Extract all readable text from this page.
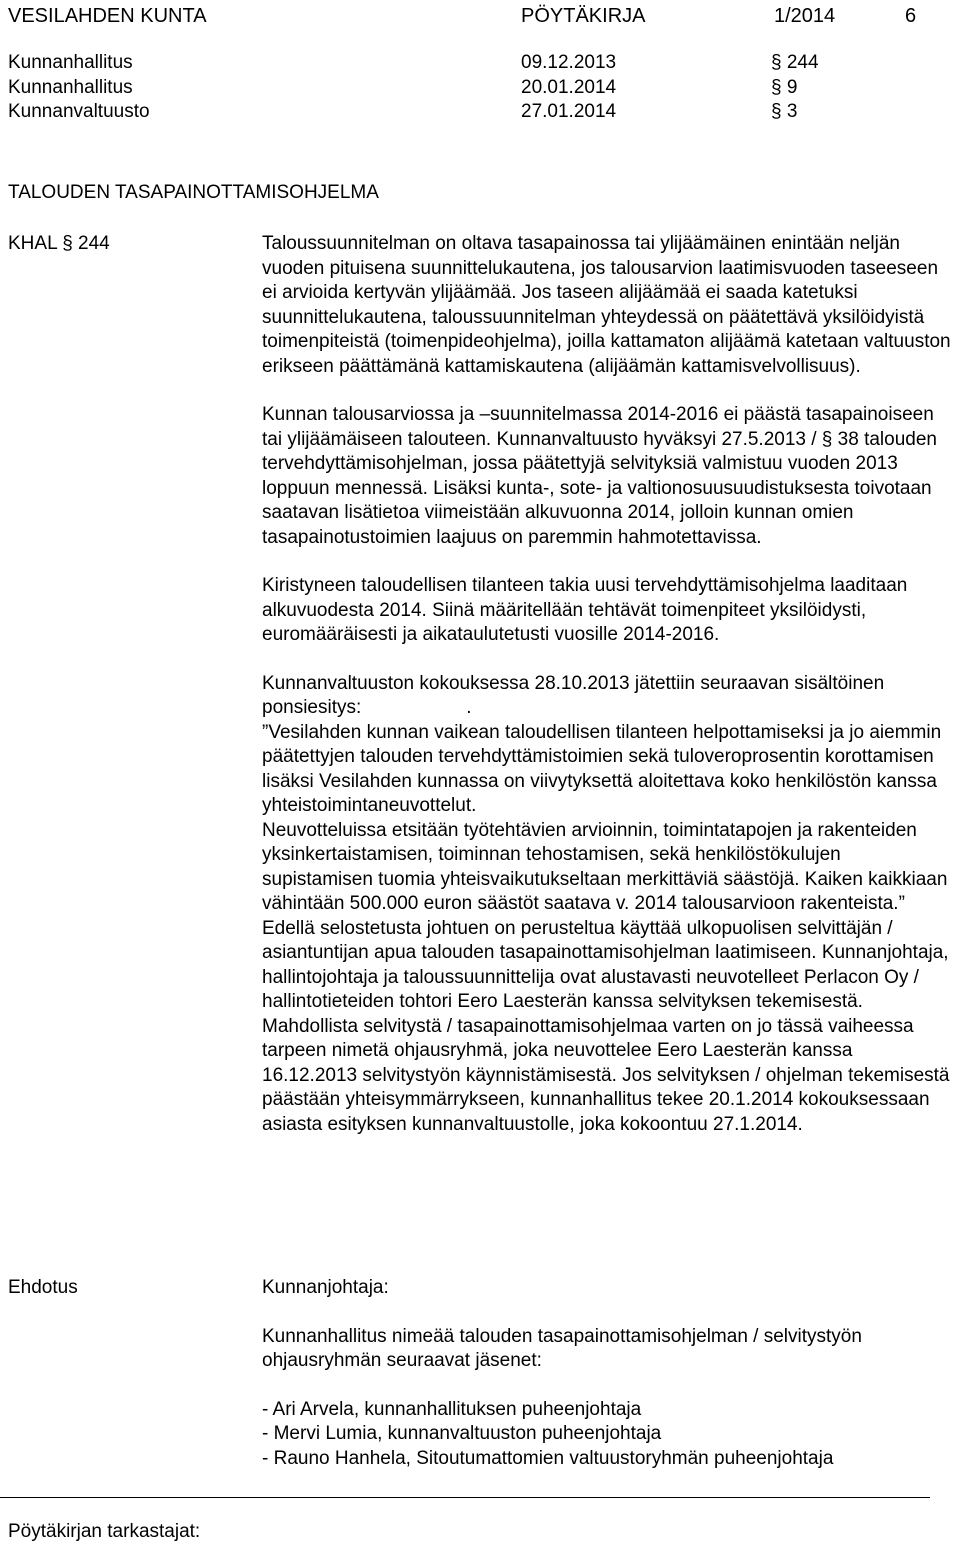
VESILAHDEN KUNTA	PÖYTÄKIRJA	1/2014	6
Kunnanhallitus	09.12.2013	§ 244
Kunnanhallitus	20.01.2014	§ 9
Kunnanvaltuusto	27.01.2014	§ 3
TALOUDEN TASAPAINOTTAMISOHJELMA
KHAL § 244
Ehdotus
Pöytäkirjan tarkastajat:

Taloussuunnitelman on oltava tasapainossa tai ylijäämäinen enintään neljän vuoden pituisena suunnittelukautena, jos talousarvion laatimisvuoden taseeseen ei arvioida kertyvän ylijäämää. Jos taseen alijäämää ei saada katetuksi suunnittelukautena, taloussuunnitelman yhteydessä on päätettävä yksilöidyistä toimenpiteistä (toimenpideohjelma), joilla kattamaton alijäämä katetaan valtuuston erikseen päättämänä kattamiskautena (alijäämän kattamisvelvollisuus).

Kunnan talousarviossa ja –suunnitelmassa 2014-2016 ei päästä tasapainoiseen tai ylijäämäiseen talouteen. Kunnanvaltuusto hyväksyi 27.5.2013 / § 38 talouden tervehdyttämisohjelman, jossa päätettyjä selvityksiä valmistuu vuoden 2013 loppuun mennessä. Lisäksi kunta-, sote- ja valtionosuusuudistuksesta toivotaan saatavan lisätietoa viimeistään alkuvuonna 2014, jolloin kunnan omien tasapainotustoimien laajuus on paremmin hahmotettavissa.

Kiristyneen taloudellisen tilanteen takia uusi tervehdyttämisohjelma laaditaan alkuvuodesta 2014. Siinä määritellään tehtävät toimenpiteet yksilöidysti, euromääräisesti ja aikataulutetusti vuosille 2014-2016.

Kunnanvaltuuston kokouksessa 28.10.2013 jätettiin seuraavan sisältöinen ponsiesitys:	.

”Vesilahden kunnan vaikean taloudellisen tilanteen helpottamiseksi ja jo aiemmin päätettyjen talouden tervehdyttämistoimien sekä tuloveroprosentin korottamisen lisäksi Vesilahden kunnassa on viivytyksettä aloitettava koko henkilöstön kanssa yhteistoimintaneuvottelut.

Neuvotteluissa etsitään työtehtävien arvioinnin, toimintatapojen ja rakenteiden yksinkertaistamisen, toiminnan tehostamisen, sekä henkilöstökulujen supistamisen tuomia yhteisvaikutukseltaan merkittäviä säästöjä. Kaiken kaikkiaan vähintään 500.000 euron säästöt saatava v. 2014 talousarvioon rakenteista.”

Edellä selostetusta johtuen on perusteltua käyttää ulkopuolisen selvittäjän / asiantuntijan apua talouden tasapainottamisohjelman laatimiseen. Kunnanjohtaja, hallintojohtaja ja taloussuunnittelija ovat alustavasti neuvotelleet Perlacon Oy / hallintotieteiden tohtori Eero Laesterän kanssa selvityksen tekemisestä. Mahdollista selvitystä / tasapainottamisohjelmaa varten on jo tässä vaiheessa tarpeen nimetä ohjausryhmä, joka neuvottelee Eero Laesterän kanssa 16.12.2013 selvitystyön käynnistämisestä. Jos selvityksen / ohjelman tekemisestä päästään yhteisymmärrykseen, kunnanhallitus tekee 20.1.2014 kokouksessaan asiasta esityksen kunnanvaltuustolle, joka kokoontuu 27.1.2014.

Kunnanjohtaja:

Kunnanhallitus nimeää talouden tasapainottamisohjelman / selvitystyön ohjausryhmän seuraavat jäsenet:

- Ari Arvela, kunnanhallituksen puheenjohtaja
- Mervi Lumia, kunnanvaltuuston puheenjohtaja
- Rauno Hanhela, Sitoutumattomien valtuustoryhmän puheenjohtaja
